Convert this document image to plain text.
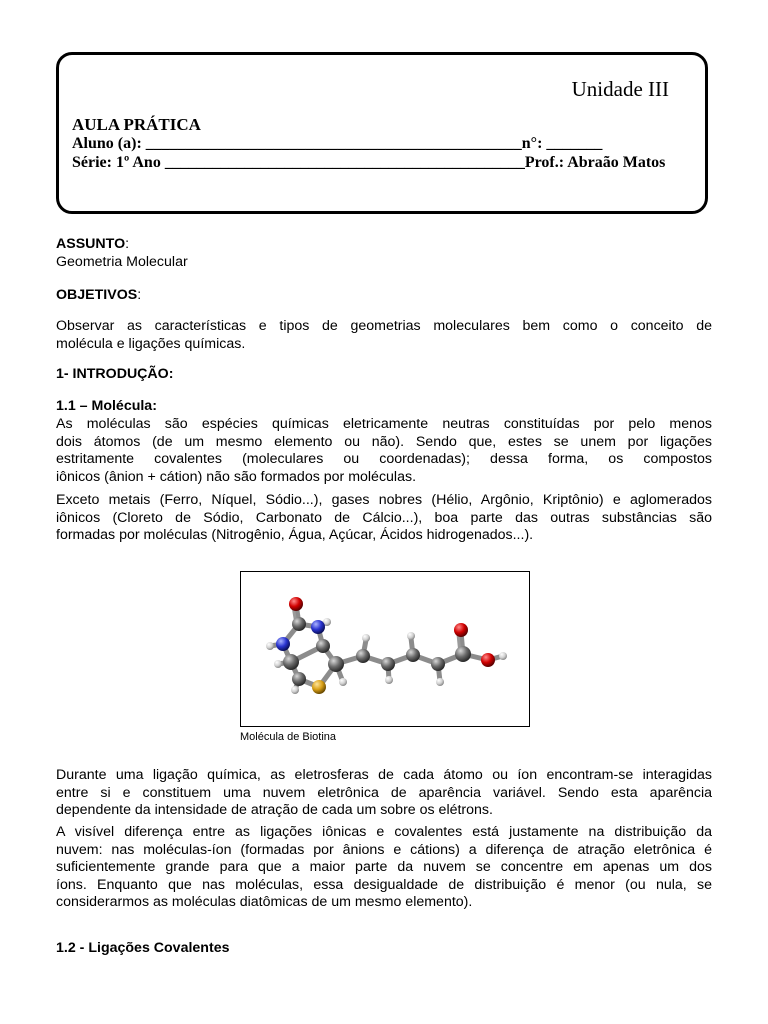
Unidade III
AULA PRÁTICA
Aluno (a): _______________________________________________n°: _______
Série: 1º Ano _____________________________________________Prof.: Abraão Matos
ASSUNTO:
Geometria Molecular
OBJETIVOS:
Observar as características e tipos de geometrias moleculares bem como o conceito de
molécula e ligações químicas.
1- INTRODUÇÃO:
1.1 – Molécula:
As moléculas são espécies químicas eletricamente neutras constituídas por pelo menos
dois átomos (de um mesmo elemento ou não). Sendo que, estes se unem por ligações
estritamente covalentes (moleculares ou coordenadas); dessa forma, os compostos
iônicos (ânion + cátion) não são formados por moléculas.
Exceto metais (Ferro, Níquel, Sódio...), gases nobres (Hélio, Argônio, Kriptônio) e aglomerados
iônicos (Cloreto de Sódio, Carbonato de Cálcio...), boa parte das outras substâncias são
formadas por moléculas (Nitrogênio, Água, Açúcar, Ácidos hidrogenados...).
Molécula de Biotina
Durante uma ligação química, as eletrosferas de cada átomo ou íon encontram-se interagidas
entre si e constituem uma nuvem eletrônica de aparência variável. Sendo esta aparência
dependente da intensidade de atração de cada um sobre os elétrons.
A visível diferença entre as ligações iônicas e covalentes está justamente na distribuição da
nuvem: nas moléculas-íon (formadas por ânions e cátions) a diferença de atração eletrônica é
suficientemente grande para que a maior parte da nuvem se concentre em apenas um dos
íons. Enquanto que nas moléculas, essa desigualdade de distribuição é menor (ou nula, se
considerarmos as moléculas diatômicas de um mesmo elemento).
1.2 - Ligações Covalentes
